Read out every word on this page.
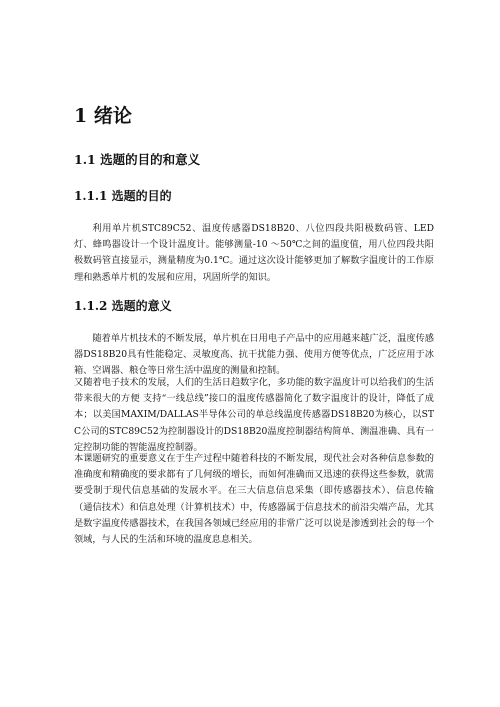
1 绪论
1.1 选题的目的和意义
1.1.1 选题的目的

利用单片机STC89C52、温度传感器DS18B20、八位四段共阳极数码管、LED灯、蜂鸣器设计一个设计温度计。能够测量-10 ～50℃之间的温度值，用八位四段共阳极数码管直接显示，测量精度为0.1℃。通过这次设计能够更加了解数字温度计的工作原理和熟悉单片机的发展和应用，巩固所学的知识。

1.1.2 选题的意义

随着单片机技术的不断发展，单片机在日用电子产品中的应用越来越广泛，温度传感器DS18B20具有性能稳定、灵敏度高、抗干扰能力强、使用方便等优点，广泛应用于冰箱、空调器、粮仓等日常生活中温度的测量和控制。

又随着电子技术的发展，人们的生活日趋数字化，多功能的数字温度计可以给我们的生活带来很大的方便 支持“一线总线”接口的温度传感器简化了数字温度计的设计，降低了成本；以美国MAXIM/DALLAS半导体公司的单总线温度传感器DS18B20为核心，以STC公司的STC89C52为控制器设计的DS18B20温度控制器结构简单、测温准确、具有一定控制功能的智能温度控制器。

本课题研究的重要意义在于生产过程中随着科技的不断发展，现代社会对各种信息参数的准确度和精确度的要求都有了几何级的增长，而如何准确而又迅速的获得这些参数，就需要受制于现代信息基础的发展水平。在三大信息信息采集（即传感器技术）、信息传输（通信技术）和信息处理（计算机技术）中，传感器属于信息技术的前沿尖端产品，尤其是数字温度传感器技术，在我国各领域已经应用的非常广泛可以说是渗透到社会的每一个领域，与人民的生活和环境的温度息息相关。
